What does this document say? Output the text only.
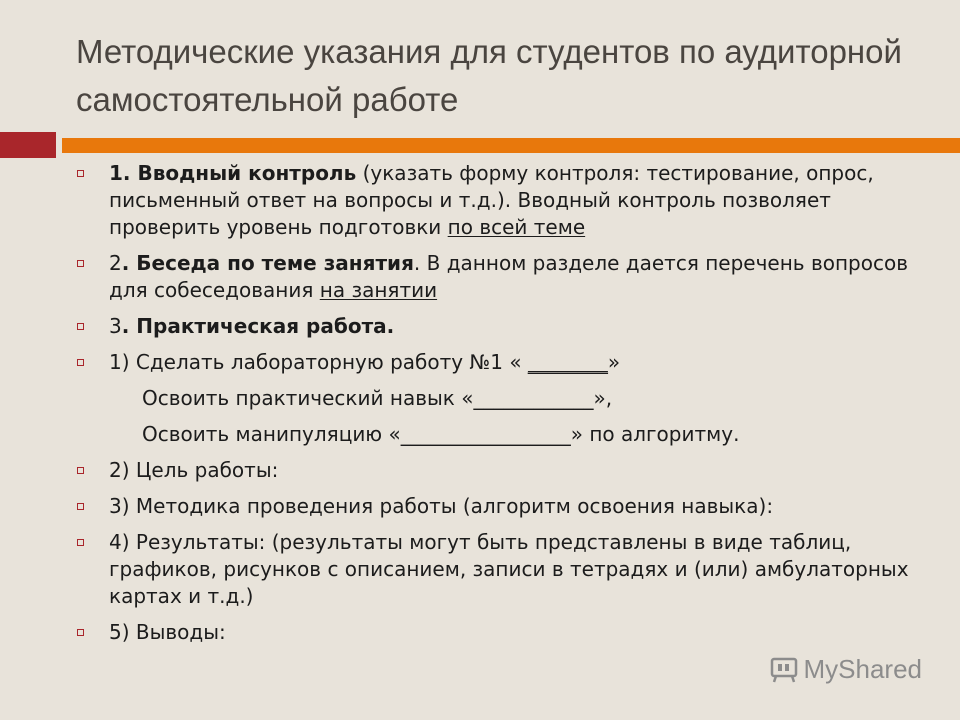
Методические указания для студентов по аудиторной самостоятельной работе
1. Вводный контроль (указать форму контроля: тестирование, опрос, письменный ответ на вопросы и т.д.). Вводный контроль позволяет проверить уровень подготовки по всей теме
2. Беседа по теме занятия. В данном разделе дается перечень вопросов для собеседования на занятии
3. Практическая работа.
1) Сделать лабораторную работу №1 « ________»
Освоить практический навык «____________»,
Освоить манипуляцию «_________________» по алгоритму.
2) Цель работы:
3) Методика проведения работы (алгоритм освоения навыка):
4) Результаты: (результаты могут быть представлены в виде таблиц, графиков, рисунков с описанием, записи в тетрадях и (или) амбулаторных картах и т.д.)
5) Выводы:
MyShared
